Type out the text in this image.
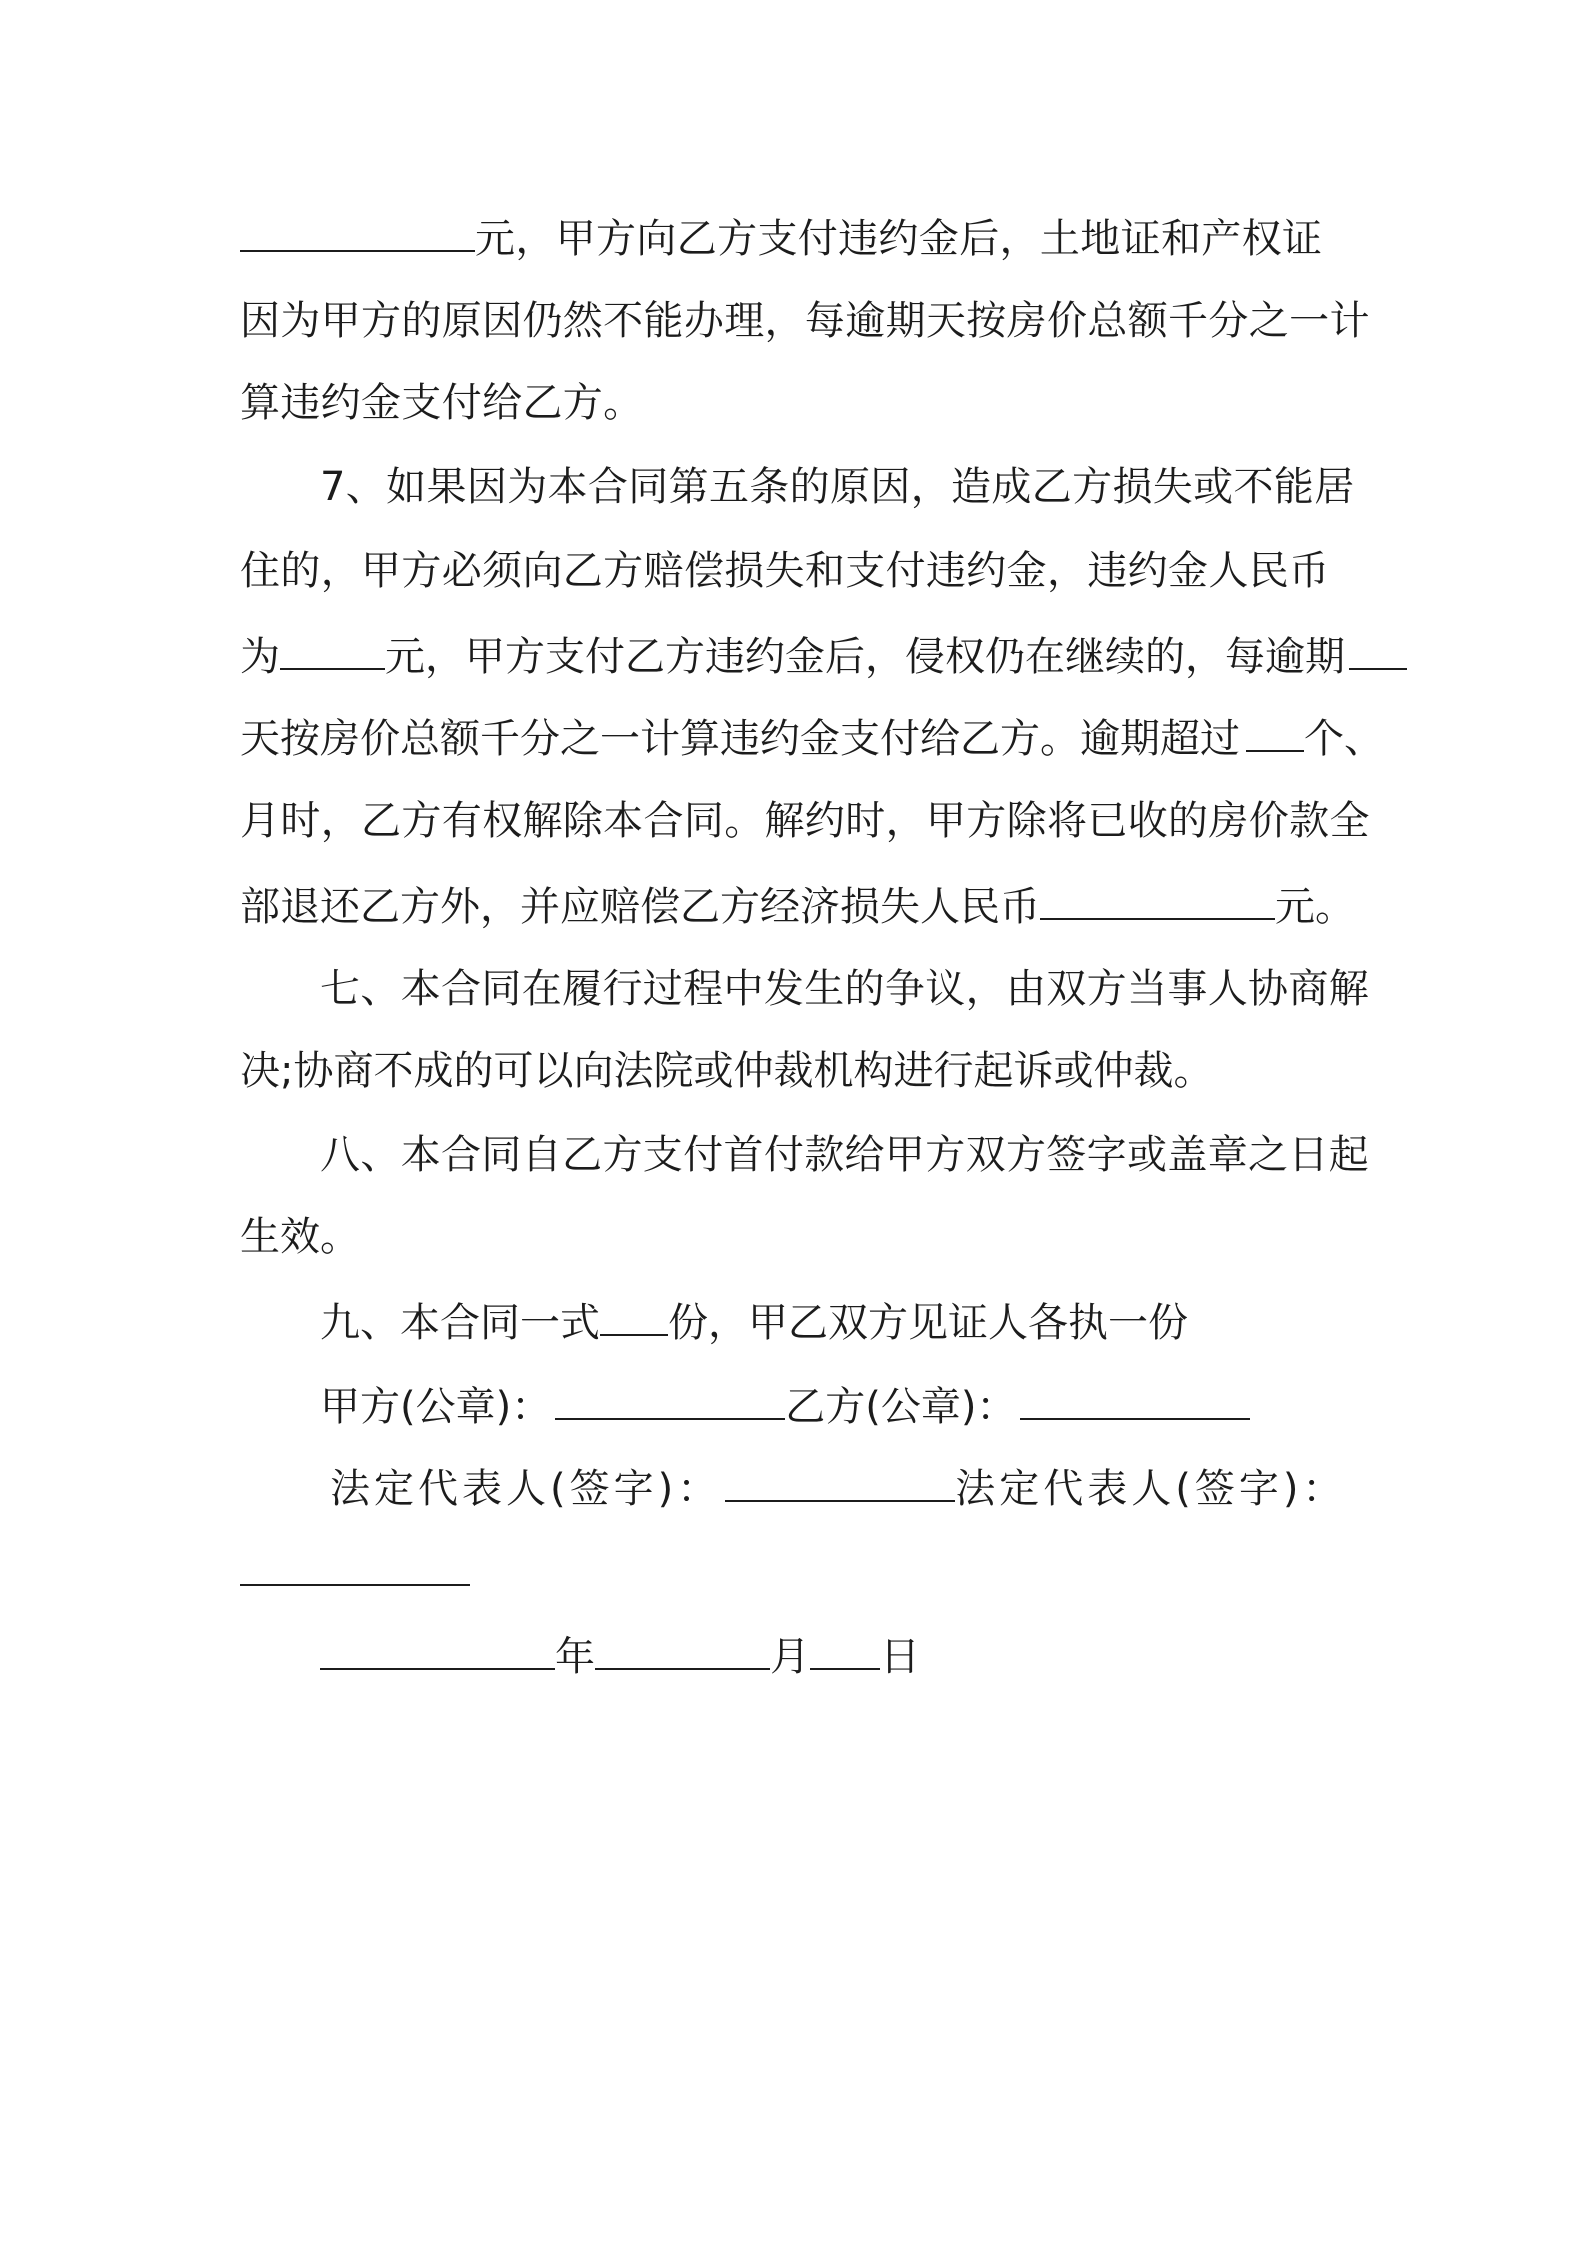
元，甲方向乙方支付违约金后，土地证和产权证

因为甲方的原因仍然不能办理，每逾期天按房价总额千分之一计

算违约金支付给乙方。

7、如果因为本合同第五条的原因，造成乙方损失或不能居

住的，甲方必须向乙方赔偿损失和支付违约金，违约金人民币

为	元，甲方支付乙方违约金后，侵权仍在继续的，每逾期

天按房价总额千分之一计算违约金支付给乙方。逾期超过 个、

月时，乙方有权解除本合同。解约时，甲方除将已收的房价款全

部退还乙方外，并应赔偿乙方经济损失人民币	元。

七、本合同在履行过程中发生的争议，由双方当事人协商解

决;协商不成的可以向法院或仲裁机构进行起诉或仲裁。

八、本合同自乙方支付首付款给甲方双方签字或盖章之日起

生效。

九、本合同一式 份，甲乙双方见证人各执一份

甲方(公章)：	乙方(公章)：

法定代表人(签字)：	法定代表人(签字)：

年	月 日
